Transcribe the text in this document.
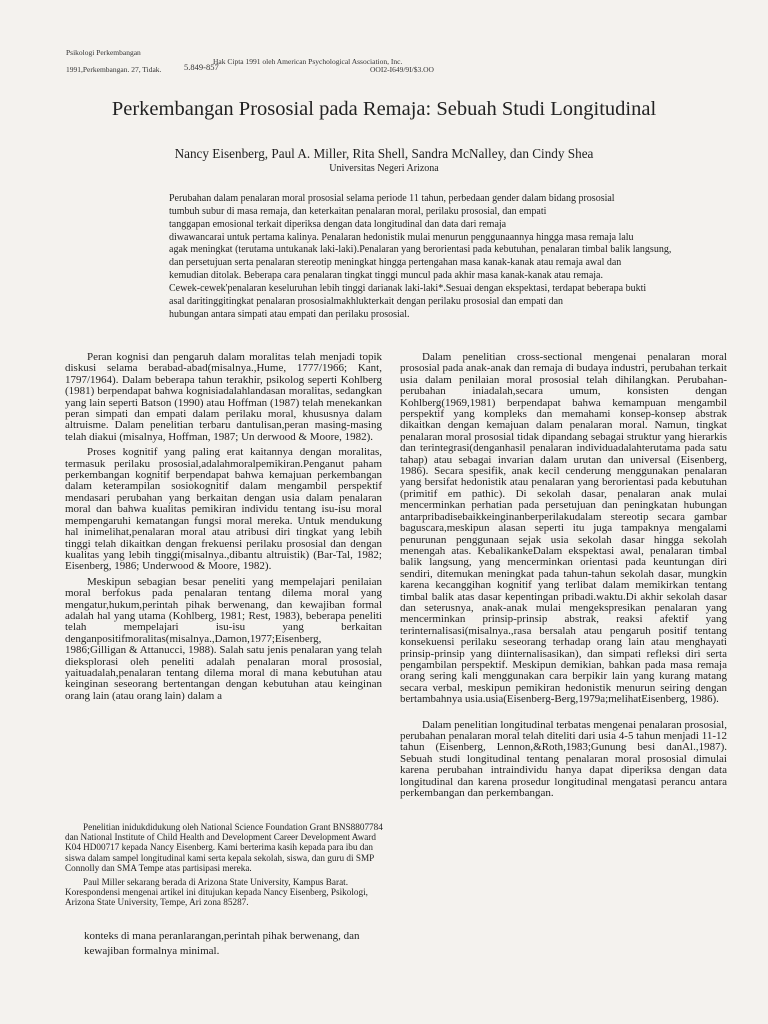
Psikologi Perkembangan
1991,Perkembangan. 27, Tidak.	5.849-857
Hak Cipta 1991 oleh American Psychological Association, Inc.
OOI2-I649/9I/$3.OO
Perkembangan Prososial pada Remaja: Sebuah Studi Longitudinal
Nancy Eisenberg, Paul A. Miller, Rita Shell, Sandra McNalley, dan Cindy Shea
Universitas Negeri Arizona
Perubahan dalam penalaran moral prososial selama periode 11 tahun, perbedaan gender dalam bidang prososial
tumbuh subur di masa remaja, dan keterkaitan penalaran moral, perilaku prososial, dan empati
tanggapan emosional terkait diperiksa dengan data longitudinal dan data dari remaja
diwawancarai untuk pertama kalinya. Penalaran hedonistik mulai menurun penggunaannya hingga masa remaja lalu
agak meningkat (terutama untukanak laki-laki).Penalaran yang berorientasi pada kebutuhan, penalaran timbal balik langsung,
dan persetujuan serta penalaran stereotip meningkat hingga pertengahan masa kanak-kanak atau remaja awal dan
kemudian ditolak. Beberapa cara penalaran tingkat tinggi muncul pada akhir masa kanak-kanak atau remaja.
Cewek-cewek'penalaran keseluruhan lebih tinggi darianak laki-laki*.Sesuai dengan ekspektasi, terdapat beberapa bukti
asal daritinggitingkat penalaran prososialmakhlukterkait dengan perilaku prososial dan empati dan
hubungan antara simpati atau empati dan perilaku prososial.

Peran kognisi dan pengaruh dalam moralitas telah menjadi topik diskusi selama berabad-abad(misalnya.,Hume, 1777/1966; Kant, 1797/1964). Dalam beberapa tahun terakhir, psikolog seperti Kohlberg (1981) berpendapat bahwa kognisiadalahlandasan moralitas, sedangkan yang lain seperti Batson (1990) atau Hoffman (1987) telah menekankan peran simpati dan empati dalam perilaku moral, khususnya dalam altruisme. Dalam penelitian terbaru dantulisan,peran masing-masing telah diakui (misalnya, Hoffman, 1987; Un derwood & Moore, 1982).

Proses kognitif yang paling erat kaitannya dengan moralitas, termasuk perilaku prososial,adalahmoralpemikiran.Penganut paham perkembangan kognitif berpendapat bahwa kemajuan perkembangan dalam keterampilan sosiokognitif dalam mengambil perspektif mendasari perubahan yang berkaitan dengan usia dalam penalaran moral dan bahwa kualitas pemikiran individu tentang isu-isu moral mempengaruhi kematangan fungsi moral mereka. Untuk mendukung hal inimelihat,penalaran moral atau atribusi diri tingkat yang lebih tinggi telah dikaitkan dengan frekuensi perilaku prososial dan dengan kualitas yang lebih tinggi(misalnya.,dibantu altruistik) (Bar-Tal, 1982; Eisenberg, 1986; Underwood & Moore, 1982).

Meskipun sebagian besar peneliti yang mempelajari penilaian moral berfokus pada penalaran tentang dilema moral yang mengatur,hukum,perintah pihak berwenang, dan kewajiban formal adalah hal yang utama (Kohlberg, 1981; Rest, 1983), beberapa peneliti telah mempelajari isu-isu yang berkaitan denganpositifmoralitas(misalnya.,Damon,1977;Eisenberg, 1986;Gilligan & Attanucci, 1988). Salah satu jenis penalaran yang telah dieksplorasi oleh peneliti adalah penalaran moral prososial, yaituadalah,penalaran tentang dilema moral di mana kebutuhan atau keinginan seseorang bertentangan dengan kebutuhan atau keinginan orang lain (atau orang lain) dalam a

Penelitian inidukdidukung oleh National Science Foundation Grant BNS8807784 dan National Institute of Child Health and Development Career Development Award K04 HD00717 kepada Nancy Eisenberg. Kami berterima kasih kepada para ibu dan siswa dalam sampel longitudinal kami serta kepala sekolah, siswa, dan guru di SMP Connolly dan SMA Tempe atas partisipasi mereka.

Paul Miller sekarang berada di Arizona State University, Kampus Barat. Korespondensi mengenai artikel ini ditujukan kepada Nancy Eisenberg, Psikologi, Arizona State University, Tempe, Ari zona 85287.

konteks di mana peranlarangan,perintah pihak berwenang, dan kewajiban formalnya minimal.

Dalam penelitian cross-sectional mengenai penalaran moral prososial pada anak-anak dan remaja di budaya industri, perubahan terkait usia dalam penilaian moral prososial telah dihilangkan. Perubahan-perubahan iniadalah,secara umum, konsisten dengan Kohlberg(1969,1981) berpendapat bahwa kemampuan mengambil perspektif yang kompleks dan memahami konsep-konsep abstrak dikaitkan dengan kemajuan dalam penalaran moral. Namun, tingkat penalaran moral prososial tidak dipandang sebagai struktur yang hierarkis dan terintegrasi(denganhasil penalaran individuadalahterutama pada satu tahap) atau sebagai invarian dalam urutan dan universal (Eisenberg, 1986). Secara spesifik, anak kecil cenderung menggunakan penalaran yang bersifat hedonistik atau penalaran yang berorientasi pada kebutuhan (primitif em pathic). Di sekolah dasar, penalaran anak mulai mencerminkan perhatian pada persetujuan dan peningkatan hubungan antarpribadisebaikkeinginanberperilakudalam stereotip secara gambar baguscara,meskipun alasan seperti itu juga tampaknya mengalami penurunan penggunaan sejak usia sekolah dasar hingga sekolah menengah atas. KebalikankeDalam ekspektasi awal, penalaran timbal balik langsung, yang mencerminkan orientasi pada keuntungan diri sendiri, ditemukan meningkat pada tahun-tahun sekolah dasar, mungkin karena kecanggihan kognitif yang terlibat dalam memikirkan tentang timbal balik atas dasar kepentingan pribadi.waktu.Di akhir sekolah dasar dan seterusnya, anak-anak mulai mengekspresikan penalaran yang mencerminkan prinsip-prinsip abstrak, reaksi afektif yang terinternalisasi(misalnya.,rasa bersalah atau pengaruh positif tentang konsekuensi perilaku seseorang terhadap orang lain atau menghayati prinsip-prinsip yang diinternalisasikan), dan simpati refleksi diri serta pengambilan perspektif. Meskipun demikian, bahkan pada masa remaja orang sering kali menggunakan cara berpikir lain yang kurang matang secara verbal, meskipun pemikiran hedonistik menurun seiring dengan bertambahnya usia.usia(Eisenberg-Berg,1979a;melihatEisenberg, 1986).

Dalam penelitian longitudinal terbatas mengenai penalaran prososial, perubahan penalaran moral telah diteliti dari usia 4-5 tahun menjadi 11-12 tahun (Eisenberg, Lennon,&Roth,1983;Gunung besi danAl.,1987). Sebuah studi longitudinal tentang penalaran moral prososial dimulai karena perubahan intraindividu hanya dapat diperiksa dengan data longitudinal dan karena prosedur longitudinal mengatasi perancu antara perkembangan dan perkembangan.
